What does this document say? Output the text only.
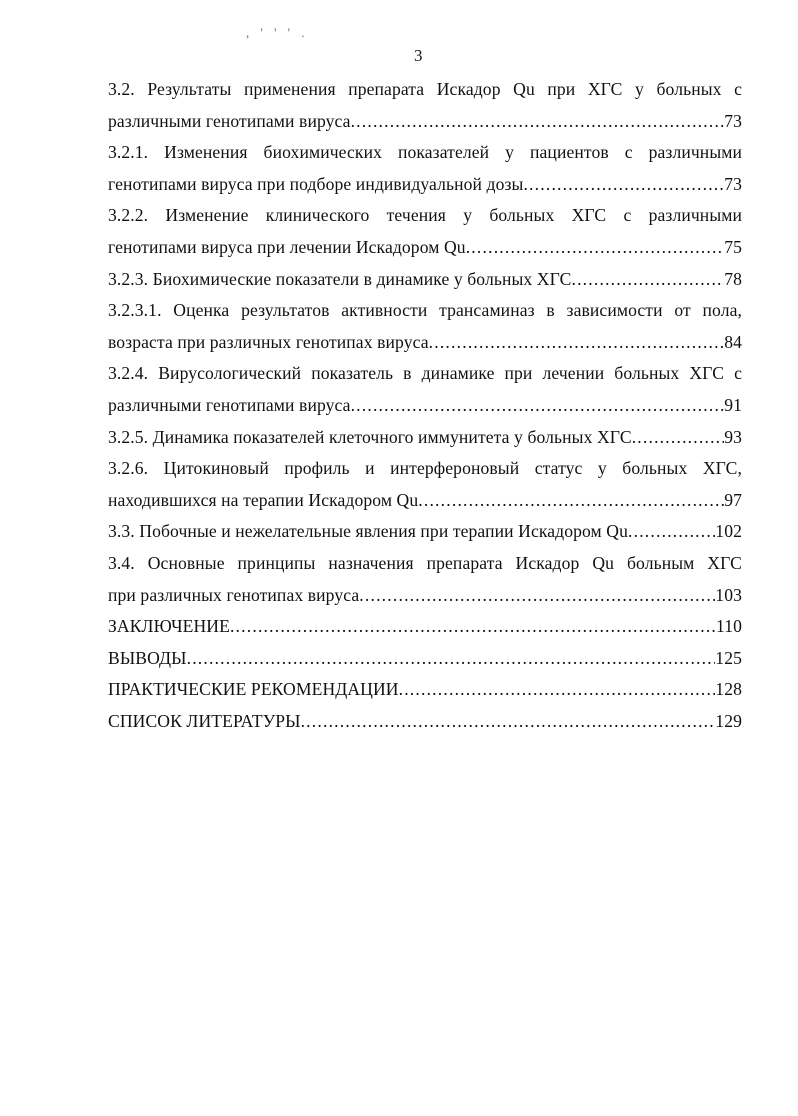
, ' ' ' .
3
3.2. Результаты применения препарата Искадор Qu при ХГС у больных с
различными генотипами вируса .....	73
3.2.1. Изменения биохимических показателей у пациентов с различными
генотипами вируса при подборе индивидуальной дозы .....	73
3.2.2. Изменение клинического течения у больных ХГС с различными
генотипами вируса при лечении Искадором Qu .....	75
3.2.3. Биохимические показатели в динамике у больных ХГС .....	78
3.2.3.1. Оценка результатов активности трансаминаз в зависимости от пола,
возраста при различных генотипах вируса .....	84
3.2.4. Вирусологический показатель в динамике при лечении больных ХГС с
различными генотипами вируса .....	91
3.2.5. Динамика показателей клеточного иммунитета у больных ХГС .....	93
3.2.6. Цитокиновый профиль и интерфероновый статус у больных ХГС,
находившихся на терапии Искадором Qu .....	97
3.3. Побочные и нежелательные явления при терапии Искадором Qu .....	102
3.4. Основные принципы назначения препарата Искадор Qu больным ХГС
при различных генотипах вируса .....	103
ЗАКЛЮЧЕНИЕ .....	110
ВЫВОДЫ .....	125
ПРАКТИЧЕСКИЕ РЕКОМЕНДАЦИИ .....	128
СПИСОК ЛИТЕРАТУРЫ .....	129
